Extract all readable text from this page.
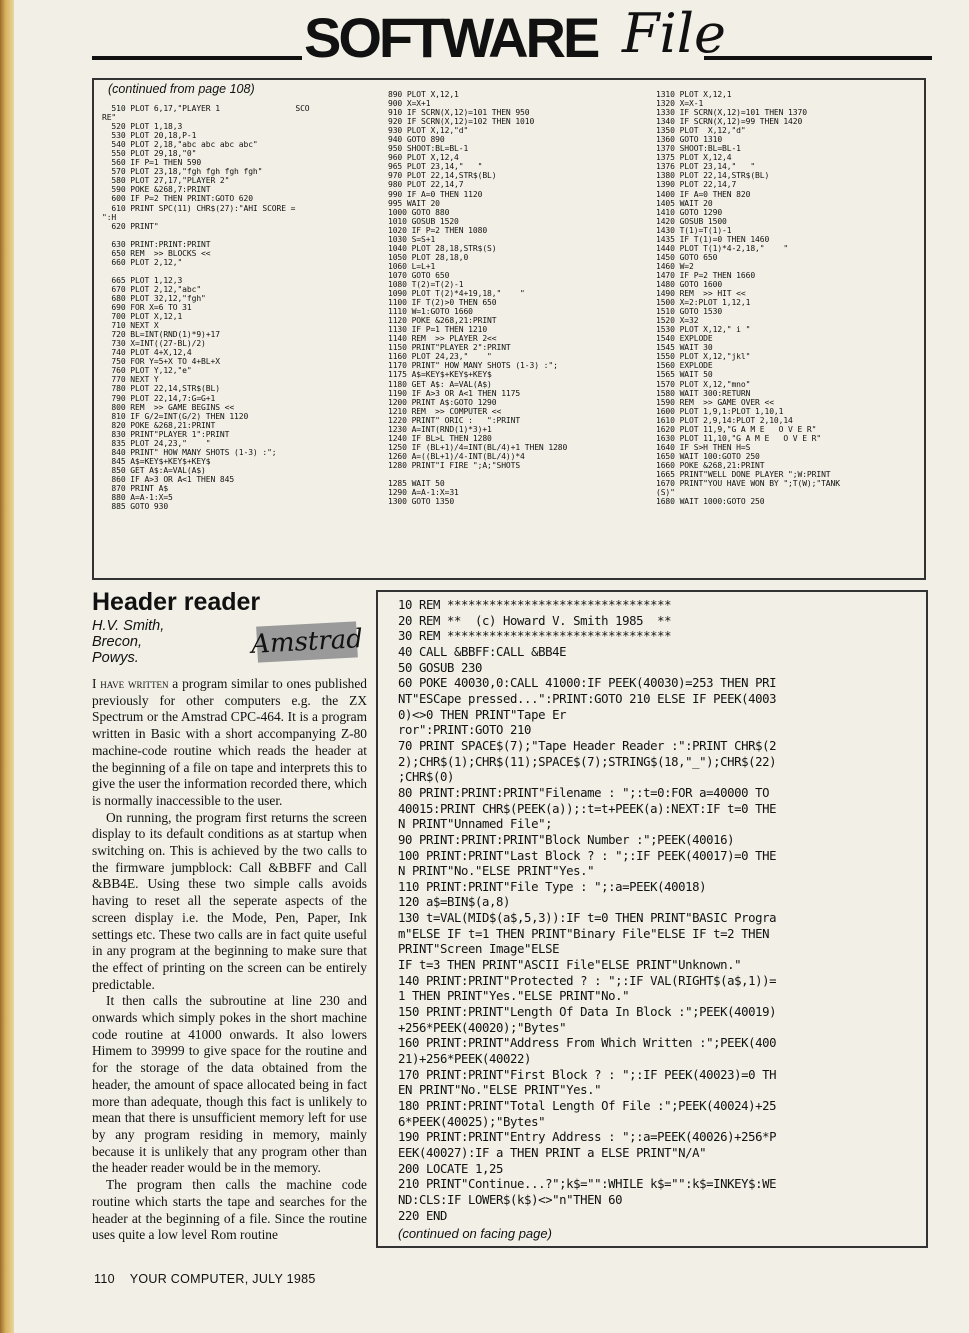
SOFTWARE File
(continued from page 108)
510 PLOT 6,17,"PLAYER 1                SCO
RE"
520 PLOT 1,18,3
530 PLOT 20,18,P-1
540 PLOT 2,18,"abc abc abc abc"
550 PLOT 29,18,"0"
560 IF P=1 THEN 590
570 PLOT 23,18,"fgh fgh fgh fgh"
580 PLOT 27,17,"PLAYER 2"
590 POKE &268,7:PRINT
600 IF P=2 THEN PRINT:GOTO 620
610 PRINT SPC(11) CHR$(27):"AHI SCORE =
":H
620 PRINT"

630 PRINT:PRINT:PRINT
650 REM  >> BLOCKS <<
660 PLOT 2,12,"

665 PLOT 1,12,3
670 PLOT 2,12,"abc"
680 PLOT 32,12,"fgh"
690 FOR X=6 TO 31
700 PLOT X,12,1
710 NEXT X
720 BL=INT(RND(1)*9)+17
730 X=INT((27-BL)/2)
740 PLOT 4+X,12,4
750 FOR Y=5+X TO 4+BL+X
760 PLOT Y,12,"e"
770 NEXT Y
780 PLOT 22,14,STR$(BL)
790 PLOT 22,14,7:G=G+1
800 REM  >> GAME BEGINS <<
810 IF G/2=INT(G/2) THEN 1120
820 POKE &268,21:PRINT
830 PRINT"PLAYER 1":PRINT
835 PLOT 24,23,"    "
840 PRINT" HOW MANY SHOTS (1-3) :";
845 A$=KEY$+KEY$+KEY$
850 GET A$:A=VAL(A$)
860 IF A>3 OR A<1 THEN 845
870 PRINT A$
880 A=A-1:X=5
885 GOTO 930
890 PLOT X,12,1
900 X=X+1
910 IF SCRN(X,12)=101 THEN 950
920 IF SCRN(X,12)=102 THEN 1010
930 PLOT X,12,"d"
940 GOTO 890
950 SHOOT:BL=BL-1
960 PLOT X,12,4
965 PLOT 23,14,"   "
970 PLOT 22,14,STR$(BL)
980 PLOT 22,14,7
990 IF A=0 THEN 1120
995 WAIT 20
1000 GOTO 880
1010 GOSUB 1520
1020 IF P=2 THEN 1080
1030 S=S+1
1040 PLOT 28,18,STR$(S)
1050 PLOT 28,18,0
1060 L=L+1
1070 GOTO 650
1080 T(2)=T(2)-1
1090 PLOT T(2)*4+19,18,"    "
1100 IF T(2)>0 THEN 650
1110 W=1:GOTO 1660
1120 POKE &268,21:PRINT
1130 IF P=1 THEN 1210
1140 REM  >> PLAYER 2<<
1150 PRINT"PLAYER 2":PRINT
1160 PLOT 24,23,"    "
1170 PRINT" HOW MANY SHOTS (1-3) :";
1175 A$=KEY$+KEY$+KEY$
1180 GET A$: A=VAL(A$)
1190 IF A>3 OR A<1 THEN 1175
1200 PRINT A$:GOTO 1290
1210 REM  >> COMPUTER <<
1220 PRINT" ORIC :   ":PRINT
1230 A=INT(RND(1)*3)+1
1240 IF BL>L THEN 1280
1250 IF (BL+1)/4=INT(BL/4)+1 THEN 1280
1260 A=((BL+1)/4-INT(BL/4))*4
1280 PRINT"I FIRE ";A;"SHOTS

1285 WAIT 50
1290 A=A-1:X=31
1300 GOTO 1350
1310 PLOT X,12,1
1320 X=X-1
1330 IF SCRN(X,12)=101 THEN 1370
1340 IF SCRN(X,12)=99 THEN 1420
1350 PLOT  X,12,"d"
1360 GOTO 1310
1370 SHOOT:BL=BL-1
1375 PLOT X,12,4
1376 PLOT 23,14,"   "
1380 PLOT 22,14,STR$(BL)
1390 PLOT 22,14,7
1400 IF A=0 THEN 820
1405 WAIT 20
1410 GOTO 1290
1420 GOSUB 1500
1430 T(1)=T(1)-1
1435 IF T(1)=0 THEN 1460
1440 PLOT T(1)*4-2,18,"    "
1450 GOTO 650
1460 W=2
1470 IF P=2 THEN 1660
1480 GOTO 1600
1490 REM  >> HIT <<
1500 X=2:PLOT 1,12,1
1510 GOTO 1530
1520 X=32
1530 PLOT X,12," i "
1540 EXPLODE
1545 WAIT 30
1550 PLOT X,12,"jkl"
1560 EXPLODE
1565 WAIT 50
1570 PLOT X,12,"mno"
1580 WAIT 300:RETURN
1590 REM  >> GAME OVER <<
1600 PLOT 1,9,1:PLOT 1,10,1
1610 PLOT 2,9,14:PLOT 2,10,14
1620 PLOT 11,9,"G A M E   O V E R"
1630 PLOT 11,10,"G A M E   O V E R"
1640 IF S>H THEN H=S
1650 WAIT 100:GOTO 250
1660 POKE &268,21:PRINT
1665 PRINT"WELL DONE PLAYER ";W:PRINT
1670 PRINT"YOU HAVE WON BY ";T(W);"TANK
(S)"
1680 WAIT 1000:GOTO 250
Header reader
H.V. Smith,
Brecon,
Powys.	Amstrad

I have written a program similar to ones published previously for other computers e.g. the ZX Spectrum or the Amstrad CPC-464. It is a program written in Basic with a short accompanying Z-80 machine-code routine which reads the header at the beginning of a file on tape and interprets this to give the user the information recorded there, which is normally inaccessible to the user.

On running, the program first returns the screen display to its default conditions as at startup when switching on. This is achieved by the two calls to the firmware jumpblock: Call &BBFF and Call &BB4E. Using these two simple calls avoids having to reset all the seperate aspects of the screen display i.e. the Mode, Pen, Paper, Ink settings etc. These two calls are in fact quite useful in any program at the beginning to make sure that the effect of printing on the screen can be entirely predictable.

It then calls the subroutine at line 230 and onwards which simply pokes in the short machine code routine at 41000 onwards. It also lowers Himem to 39999 to give space for the routine and for the storage of the data obtained from the header, the amount of space allocated being in fact more than adequate, though this fact is unlikely to mean that there is unsufficient memory left for use by any program residing in memory, mainly because it is unlikely that any program other than the header reader would be in the memory.

The program then calls the machine code routine which starts the tape and searches for the header at the beginning of a file. Since the routine uses quite a low level Rom routine

10 REM ********************************
20 REM **  (c) Howard V. Smith 1985  **
30 REM ********************************
40 CALL &BBFF:CALL &BB4E
50 GOSUB 230
60 POKE 40030,0:CALL 41000:IF PEEK(40030)=253 THEN PRI
NT"ESCape pressed...":PRINT:GOTO 210 ELSE IF PEEK(4003
0)<>0 THEN PRINT"Tape Er
ror":PRINT:GOTO 210
70 PRINT SPACE$(7);"Tape Header Reader :":PRINT CHR$(2
2);CHR$(1);CHR$(11);SPACE$(7);STRING$(18,"_");CHR$(22)
;CHR$(0)
80 PRINT:PRINT:PRINT"Filename : ";:t=0:FOR a=40000 TO
40015:PRINT CHR$(PEEK(a));:t=t+PEEK(a):NEXT:IF t=0 THE
N PRINT"Unnamed File";
90 PRINT:PRINT:PRINT"Block Number :";PEEK(40016)
100 PRINT:PRINT"Last Block ? : ";:IF PEEK(40017)=0 THE
N PRINT"No."ELSE PRINT"Yes."
110 PRINT:PRINT"File Type : ";:a=PEEK(40018)
120 a$=BIN$(a,8)
130 t=VAL(MID$(a$,5,3)):IF t=0 THEN PRINT"BASIC Progra
m"ELSE IF t=1 THEN PRINT"Binary File"ELSE IF t=2 THEN
PRINT"Screen Image"ELSE
IF t=3 THEN PRINT"ASCII File"ELSE PRINT"Unknown."
140 PRINT:PRINT"Protected ? : ";:IF VAL(RIGHT$(a$,1))=
1 THEN PRINT"Yes."ELSE PRINT"No."
150 PRINT:PRINT"Length Of Data In Block :";PEEK(40019)
+256*PEEK(40020);"Bytes"
160 PRINT:PRINT"Address From Which Written :";PEEK(400
21)+256*PEEK(40022)
170 PRINT:PRINT"First Block ? : ";:IF PEEK(40023)=0 TH
EN PRINT"No."ELSE PRINT"Yes."
180 PRINT:PRINT"Total Length Of File :";PEEK(40024)+25
6*PEEK(40025);"Bytes"
190 PRINT:PRINT"Entry Address : ";:a=PEEK(40026)+256*P
EEK(40027):IF a THEN PRINT a ELSE PRINT"N/A"
200 LOCATE 1,25
210 PRINT"Continue...?";k$="":WHILE k$="":k$=INKEY$:WE
ND:CLS:IF LOWER$(k$)<>"n"THEN 60
220 END
(continued on facing page)
110 YOUR COMPUTER, JULY 1985
